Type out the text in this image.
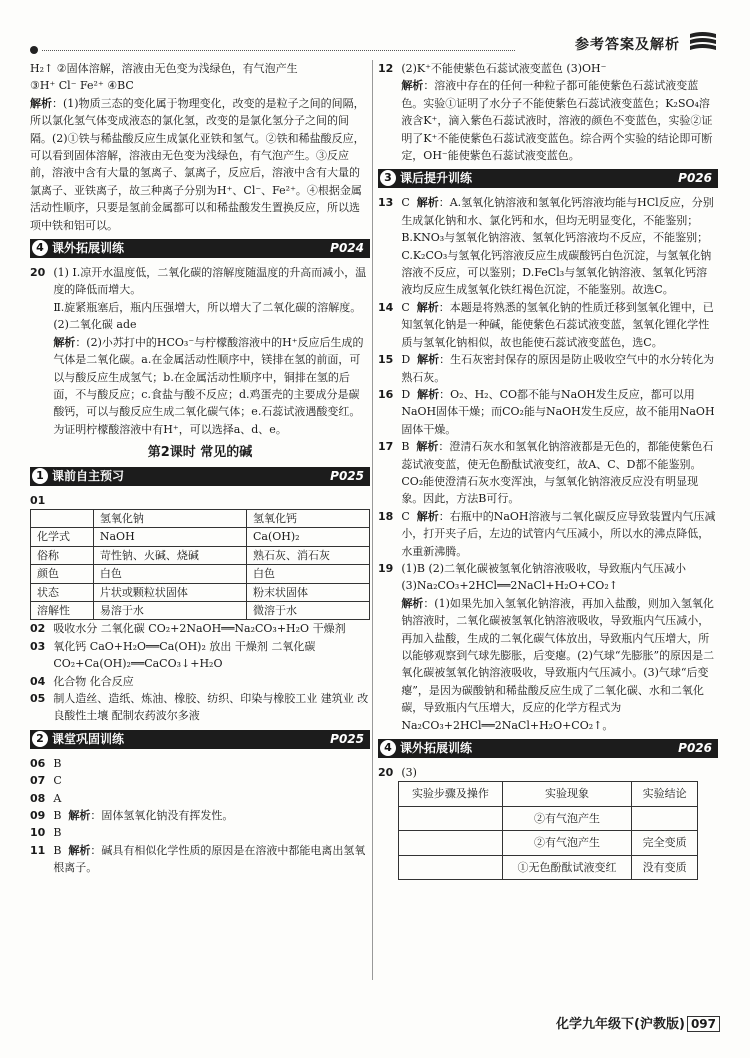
参考答案及解析
H₂↑ ②固体溶解，溶液由无色变为浅绿色，有气泡产生
③H⁺ Cl⁻ Fe²⁺ ④BC
解析：(1)物质三态的变化属于物理变化，改变的是粒子之间的间隔，所以氯化氢气体变成液态的氯化氢，改变的是氯化氢分子之间的间隔。(2)①铁与稀盐酸反应生成氯化亚铁和氢气。②铁和稀盐酸反应，可以看到固体溶解，溶液由无色变为浅绿色，有气泡产生。③反应前，溶液中含有大量的氢离子、氯离子，反应后，溶液中含有大量的氯离子、亚铁离子，故三种离子分别为H⁺、Cl⁻、Fe²⁺。④根据金属活动性顺序，只要是氢前金属都可以和稀盐酸发生置换反应，所以选项中铁和铝可以。
4 课外拓展训练	P024
20 (1) Ⅰ.凉开水温度低，二氧化碳的溶解度随温度的升高而减小，温度的降低而增大。
Ⅱ.旋紧瓶塞后，瓶内压强增大，所以增大了二氧化碳的溶解度。
(2)二氧化碳 ade
解析：(2)小苏打中的HCO₃⁻与柠檬酸溶液中的H⁺反应后生成的气体是二氧化碳。a.在金属活动性顺序中，镁排在氢的前面，可以与酸反应生成氢气；b.在金属活动性顺序中，铜排在氢的后面，不与酸反应；c.食盐与酸不反应；d.鸡蛋壳的主要成分是碳酸钙，可以与酸反应生成二氧化碳气体；e.石蕊试液遇酸变红。为证明柠檬酸溶液中有H⁺，可以选择a、d、e。
第2课时 常见的碱
1 课前自主预习	P025
01
	氢氧化钠	氢氧化钙
化学式	NaOH	Ca(OH)₂
俗称	苛性钠、火碱、烧碱	熟石灰、消石灰
颜色	白色	白色
状态	片状或颗粒状固体	粉末状固体
溶解性	易溶于水	微溶于水
02 吸收水分 二氧化碳 CO₂+2NaOH══Na₂CO₃+H₂O 干燥剂
03 氧化钙 CaO+H₂O══Ca(OH)₂ 放出 干燥剂 二氧化碳 CO₂+Ca(OH)₂══CaCO₃↓+H₂O
04 化合物 化合反应
05 制人造丝、造纸、炼油、橡胶、纺织、印染与橡胶工业 建筑业 改良酸性土壤 配制农药波尔多液
2 课堂巩固训练	P025
06 B
07 C
08 A
09 B 解析：固体氢氧化钠没有挥发性。
10 B
11 B 解析：碱具有相似化学性质的原因是在溶液中都能电离出氢氧根离子。
12 (2)K⁺不能使紫色石蕊试液变蓝色 (3)OH⁻
解析：溶液中存在的任何一种粒子都可能使紫色石蕊试液变蓝色。实验①证明了水分子不能使紫色石蕊试液变蓝色；K₂SO₄溶液含K⁺，滴入紫色石蕊试液时，溶液的颜色不变蓝色，实验②证明了K⁺不能使紫色石蕊试液变蓝色。综合两个实验的结论即可断定，OH⁻能使紫色石蕊试液变蓝色。
3 课后提升训练	P026
13 C 解析：A.氢氧化钠溶液和氢氧化钙溶液均能与HCl反应，分别生成氯化钠和水、氯化钙和水，但均无明显变化，不能鉴别；B.KNO₃与氢氧化钠溶液、氢氧化钙溶液均不反应，不能鉴别；C.K₂CO₃与氢氧化钙溶液反应生成碳酸钙白色沉淀，与氢氧化钠溶液不反应，可以鉴别；D.FeCl₃与氢氧化钠溶液、氢氧化钙溶液均反应生成氢氧化铁红褐色沉淀，不能鉴别。故选C。
14 C 解析：本题是将熟悉的氢氧化钠的性质迁移到氢氧化锂中，已知氢氧化钠是一种碱，能使紫色石蕊试液变蓝，氢氧化锂化学性质与氢氧化钠相似，故也能使石蕊试液变蓝色，选C。
15 D 解析：生石灰密封保存的原因是防止吸收空气中的水分转化为熟石灰。
16 D 解析：O₂、H₂、CO都不能与NaOH发生反应，都可以用NaOH固体干燥；而CO₂能与NaOH发生反应，故不能用NaOH固体干燥。
17 B 解析：澄清石灰水和氢氧化钠溶液都是无色的，都能使紫色石蕊试液变蓝，使无色酚酞试液变红，故A、C、D都不能鉴别。CO₂能使澄清石灰水变浑浊，与氢氧化钠溶液反应没有明显现象。因此，方法B可行。
18 C 解析：右瓶中的NaOH溶液与二氧化碳反应导致装置内气压减小，打开夹子后，左边的试管内气压减小，所以水的沸点降低，水重新沸腾。
19 (1)B (2)二氧化碳被氢氧化钠溶液吸收，导致瓶内气压减小 (3)Na₂CO₃+2HCl══2NaCl+H₂O+CO₂↑
解析：(1)如果先加入氢氧化钠溶液，再加入盐酸，则加入氢氧化钠溶液时，二氧化碳被氢氧化钠溶液吸收，导致瓶内气压减小，再加入盐酸，生成的二氧化碳气体放出，导致瓶内气压增大，所以能够观察到气球先膨胀，后变瘪。(2)气球“先膨胀”的原因是二氧化碳被氢氧化钠溶液吸收，导致瓶内气压减小。(3)气球“后变瘪”，是因为碳酸钠和稀盐酸反应生成了二氧化碳、水和二氧化碳，导致瓶内气压增大，反应的化学方程式为Na₂CO₃+2HCl══2NaCl+H₂O+CO₂↑。
4 课外拓展训练	P026
20 (3)
实验步骤及操作	实验现象	实验结论
	②有气泡产生	
	②有气泡产生	完全变质
	①无色酚酞试液变红	没有变质
化学九年级下(沪教版) 097
